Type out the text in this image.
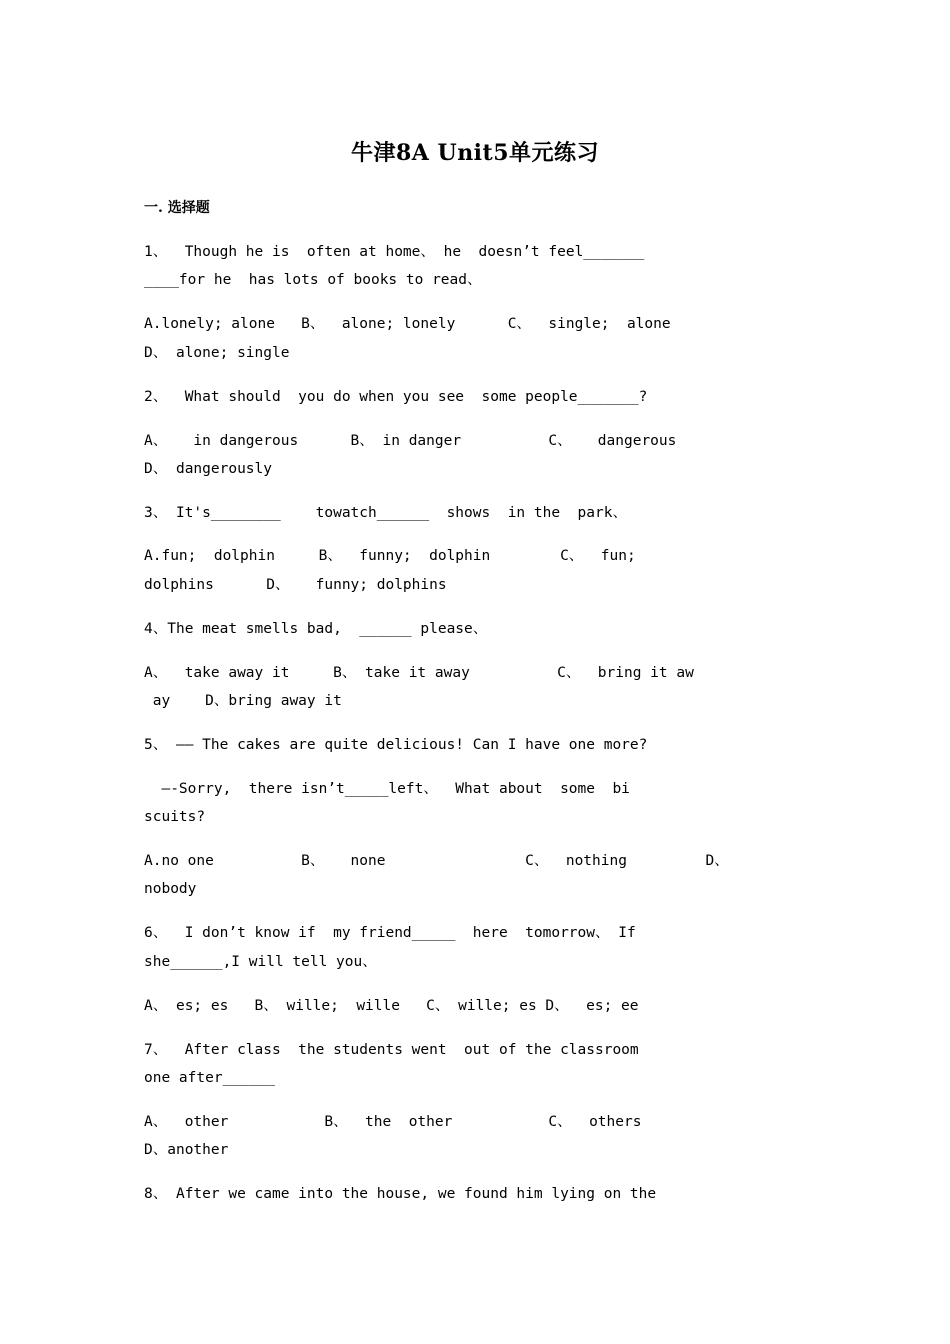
牛津8A Unit5单元练习
一. 选择题
1、  Though he is  often at home、 he  doesn’t feel_______
____for he  has lots of books to read、
A.lonely; alone   B、  alone; lonely      C、  single;  alone
D、 alone; single
2、  What should  you do when you see  some people_______?
A、   in dangerous      B、 in danger          C、   dangerous
D、 dangerously
3、 It's________    towatch______  shows  in the  park、
A.fun;  dolphin     B、  funny;  dolphin        C、  fun;
dolphins      D、   funny; dolphins
4、The meat smells bad,  ______ please、
A、  take away it     B、 take it away          C、  bring it aw
ay    D、bring away it
5、 —— The cakes are quite delicious! Can I have one more?
—-Sorry,  there isn’t_____left、  What about  some  bi
scuits?
A.no one          B、   none                C、  nothing         D、
nobody
6、  I don’t know if  my friend_____  here  tomorrow、 If
she______,I will tell you、
A、 es; es   B、 wille;  wille   C、 wille; es D、  es; ee
7、  After class  the students went  out of the classroom
one after______
A、  other           B、  the  other           C、  others
D、another
8、 After we came into the house, we found him lying on the
